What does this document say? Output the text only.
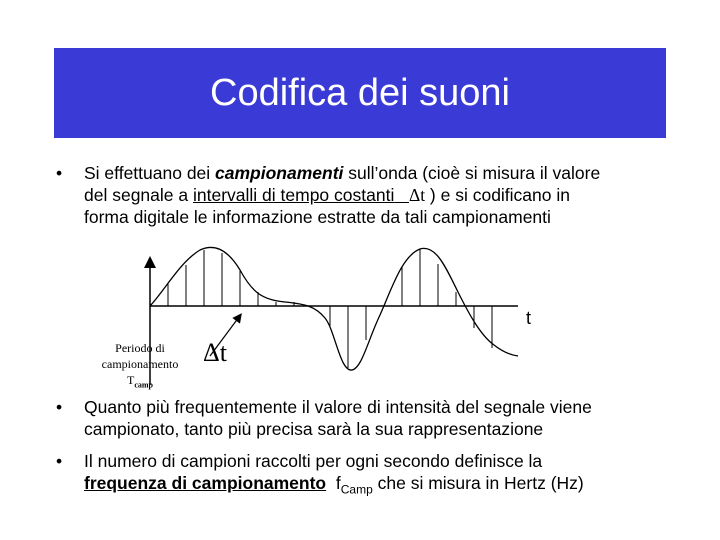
Codifica dei suoni
• Si effettuano dei campionamenti sull’onda (cioè si misura il valore
del segnale a intervalli di tempo costanti Δt ) e si codificano in
forma digitale le informazione estratte da tali campionamenti
t
Δt
Periodo di
campionamento
$T_{camp}$
• Quanto più frequentemente il valore di intensità del segnale viene
campionato, tanto più precisa sarà la sua rappresentazione
• Il numero di campioni raccolti per ogni secondo definisce la
frequenza di campionamento $f_{Camp}$ che si misura in Hertz (Hz)
